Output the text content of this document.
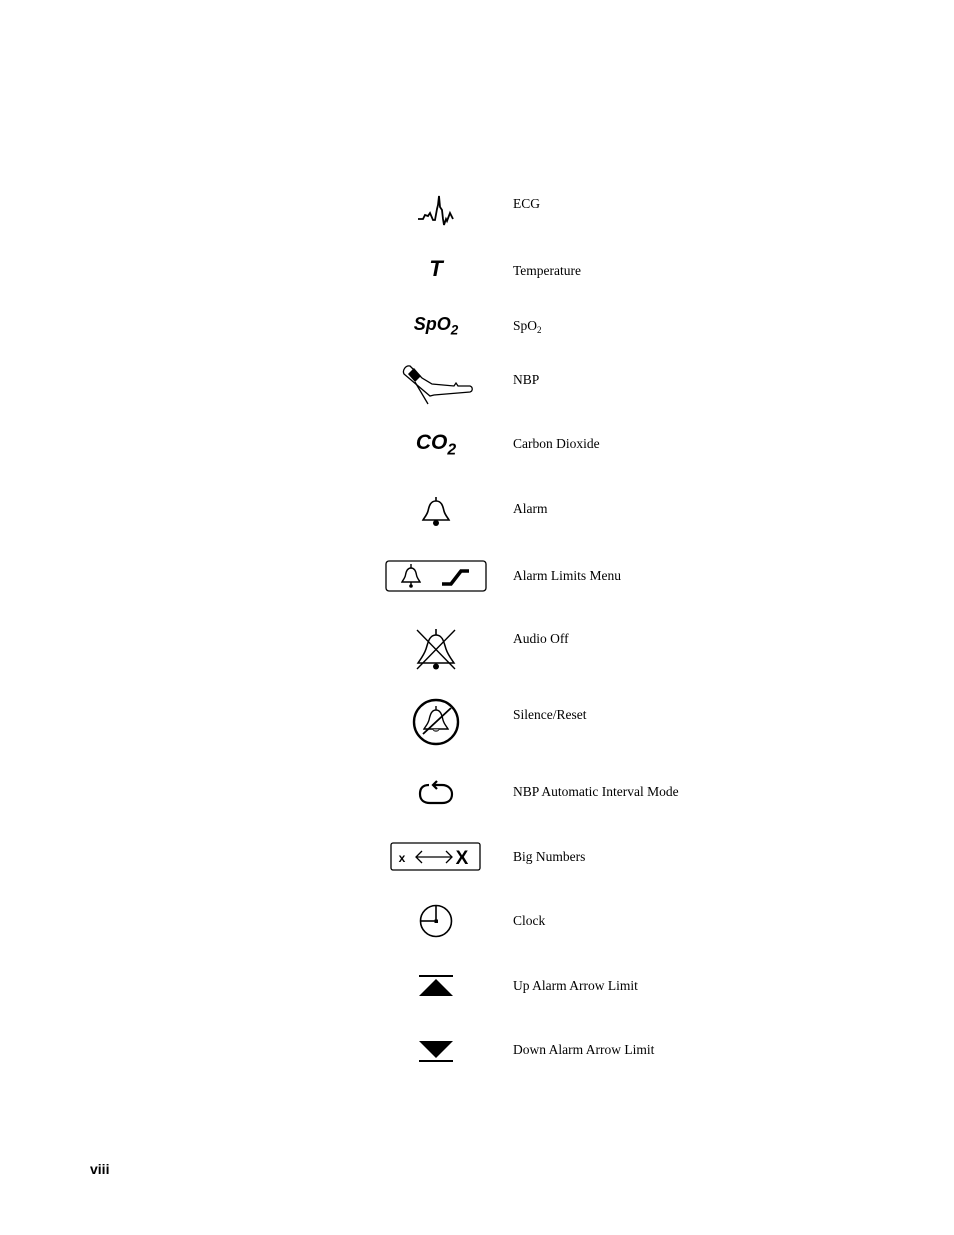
ECG
T	Temperature
SpO$_2$	SpO$_2$
NBP
$CO_2$	Carbon Dioxide
Alarm
Alarm Limits Menu
Audio Off
Silence/Reset
NBP Automatic Interval Mode
x	X	Big Numbers
Clock
Up Alarm Arrow Limit
Down Alarm Arrow Limit
viii
